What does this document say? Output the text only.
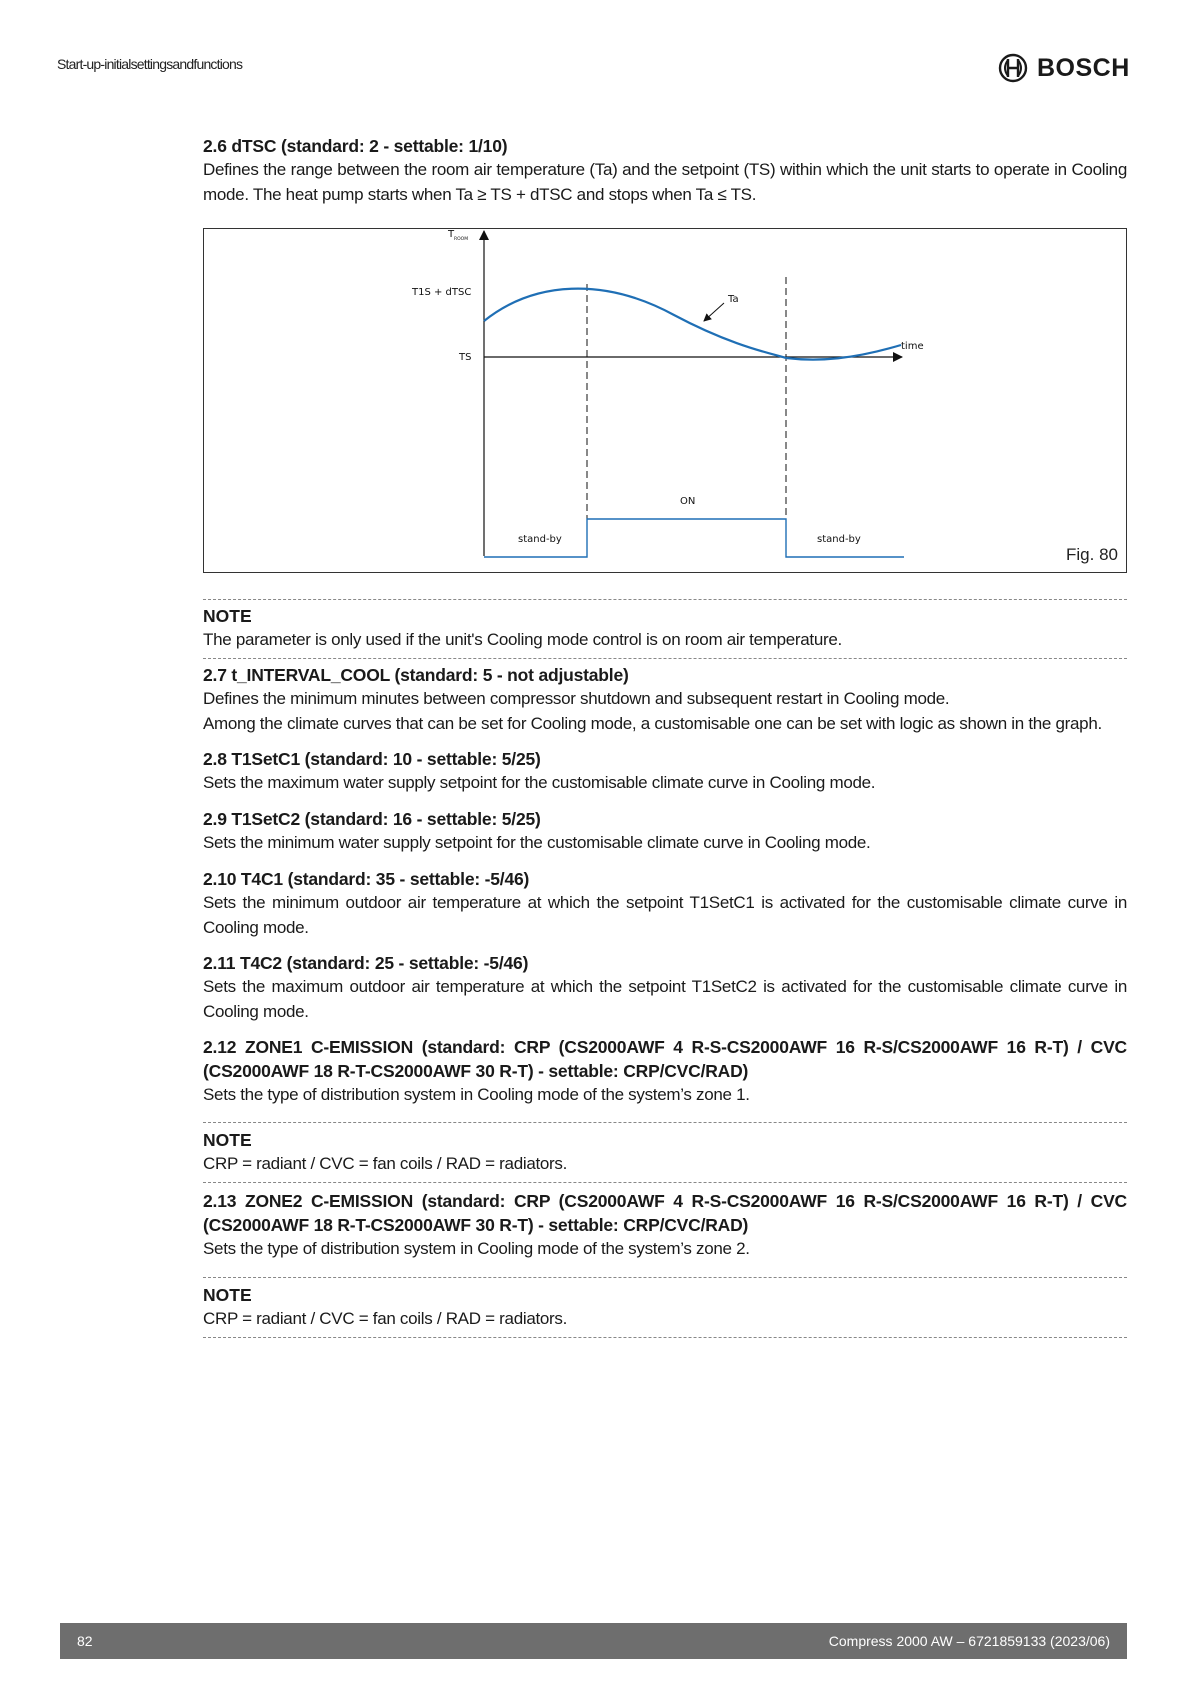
Start-up-initialsettingsandfunctions	BOSCH
2.6 dTSC (standard: 2 - settable: 1/10)
Defines the range between the room air temperature (Ta) and the setpoint (TS) within which the unit starts to operate in Cooling mode. The heat pump starts when Ta ≥ TS + dTSC and stops when Ta ≤ TS.
T ROOM
time
T1S + dTSC
TS
Ta
ON
stand-by	stand-by
Fig. 80
NOTE
The parameter is only used if the unit's Cooling mode control is on room air temperature.
2.7 t_INTERVAL_COOL (standard: 5 - not adjustable)
Defines the minimum minutes between compressor shutdown and subsequent restart in Cooling mode.
Among the climate curves that can be set for Cooling mode, a customisable one can be set with logic as shown in the graph.
2.8 T1SetC1 (standard: 10 - settable: 5/25)
Sets the maximum water supply setpoint for the customisable climate curve in Cooling mode.
2.9 T1SetC2 (standard: 16 - settable: 5/25)
Sets the minimum water supply setpoint for the customisable climate curve in Cooling mode.
2.10 T4C1 (standard: 35 - settable: -5/46)
Sets the minimum outdoor air temperature at which the setpoint T1SetC1 is activated for the customisable climate curve in Cooling mode.
2.11 T4C2 (standard: 25 - settable: -5/46)
Sets the maximum outdoor air temperature at which the setpoint T1SetC2 is activated for the customisable climate curve in Cooling mode.
2.12 ZONE1 C-EMISSION (standard: CRP (CS2000AWF 4 R-S-CS2000AWF 16 R-S/CS2000AWF 16 R-T) / CVC (CS2000AWF 18 R-T-CS2000AWF 30 R-T) - settable: CRP/CVC/RAD)
Sets the type of distribution system in Cooling mode of the system’s zone 1.
NOTE
CRP = radiant / CVC = fan coils / RAD = radiators.
2.13 ZONE2 C-EMISSION (standard: CRP (CS2000AWF 4 R-S-CS2000AWF 16 R-S/CS2000AWF 16 R-T) / CVC (CS2000AWF 18 R-T-CS2000AWF 30 R-T) - settable: CRP/CVC/RAD)
Sets the type of distribution system in Cooling mode of the system’s zone 2.
NOTE
CRP = radiant / CVC = fan coils / RAD = radiators.
82	Compress 2000 AW – 6721859133 (2023/06)
